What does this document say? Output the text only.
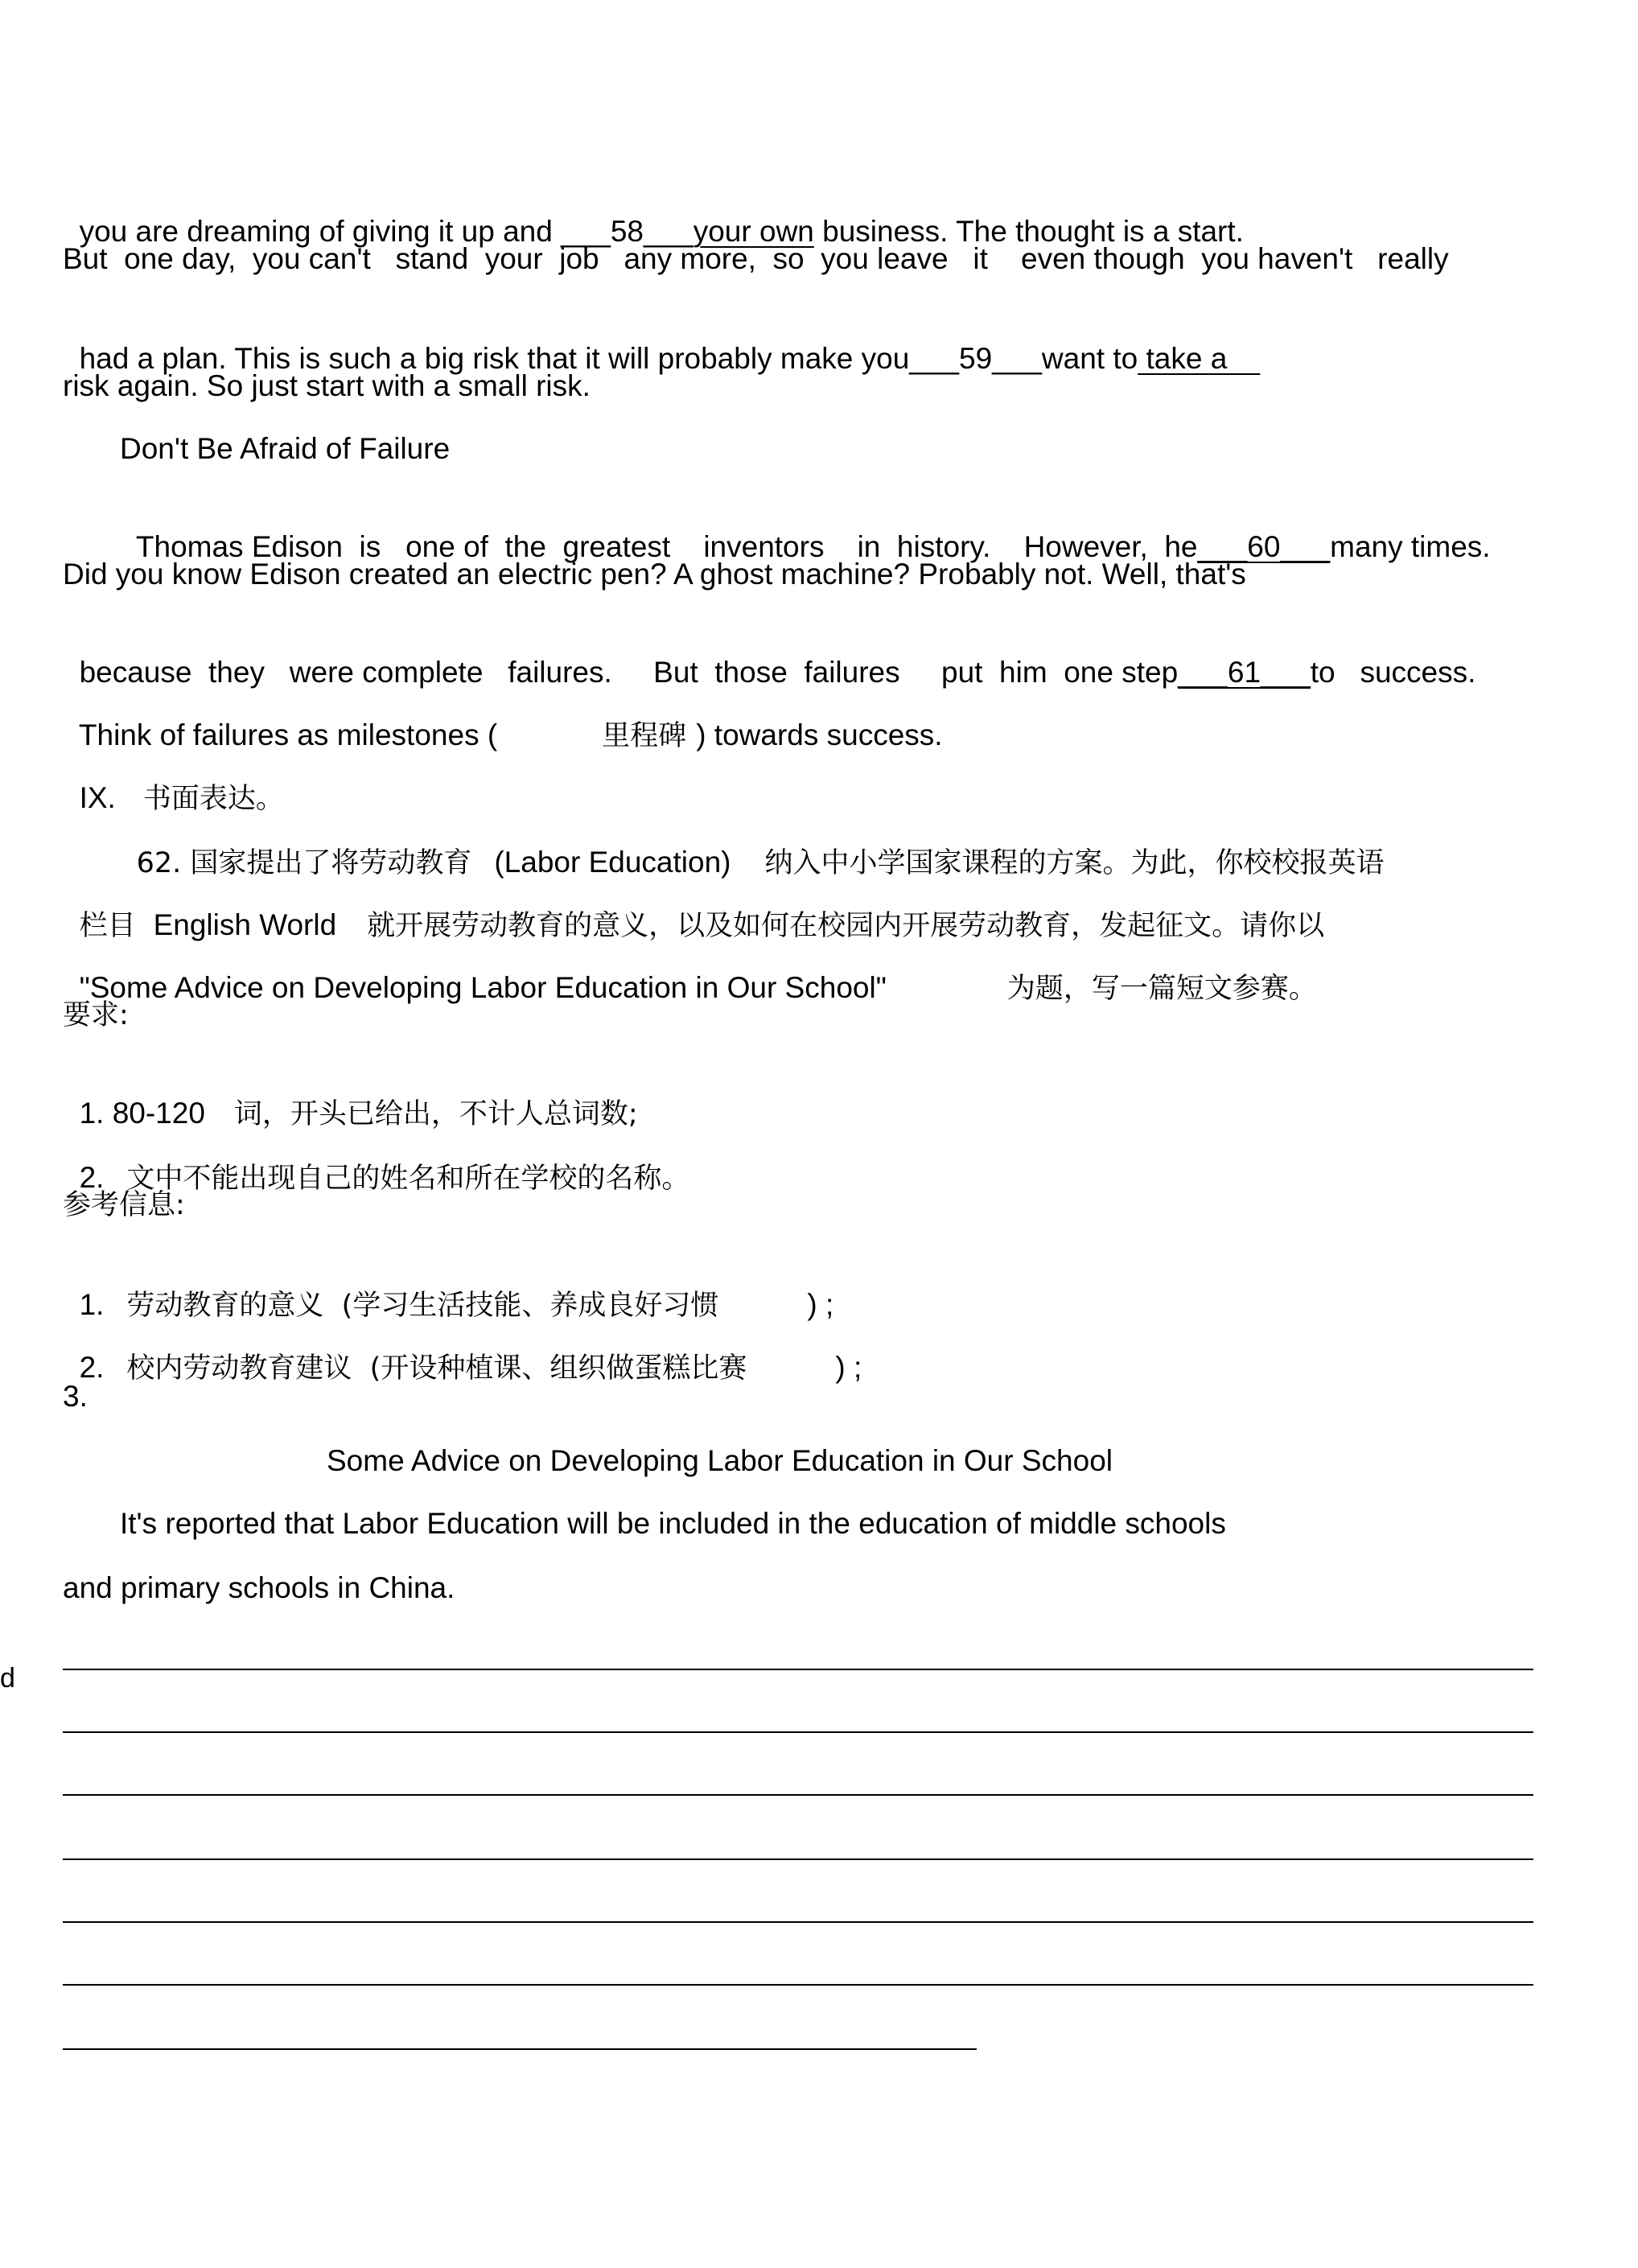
you are dreaming of giving it up and ___58___your own business. The thought is a start.

But  one day,  you can't   stand  your  job   any more,  so  you leave   it    even though  you haven't   really

had a plan. This is such a big risk that it will probably make you___59___want to take a

risk again. So just start with a small risk.
Don't Be Afraid of Failure

Thomas Edison  is   one of  the  greatest    inventors    in  history.    However,  he___60___many times.

Did you know Edison created an electric pen? A ghost machine? Probably not. Well, that's

because  they   were complete   failures.     But  those  failures     put  him  one step___61___to   success.

Think of failures as milestones (	里程碑 ) towards success.

IX. 书面表达。

62. 国家提出了将劳动教育 (Labor Education) 纳入中小学国家课程的方案。为此，你校校报英语

栏目 English World 就开展劳动教育的意义，以及如何在校园内开展劳动教育，发起征文。请你以

"Some Advice on Developing Labor Education in Our School"	为题，写一篇短文参赛。

要求:

1. 80-120 词，开头已给出，不计人总词数;

2. 文中不能出现自己的姓名和所在学校的名称。

参考信息:

1. 劳动教育的意义  (学习生活技能、养成良好习惯	) ;

2. 校内劳动教育建议  (开设种植课、组织做蛋糕比赛	) ;

3.
Some Advice on Developing Labor Education in Our School
It's reported that Labor Education will be included in the education of middle schools
and primary schools in China.
d
